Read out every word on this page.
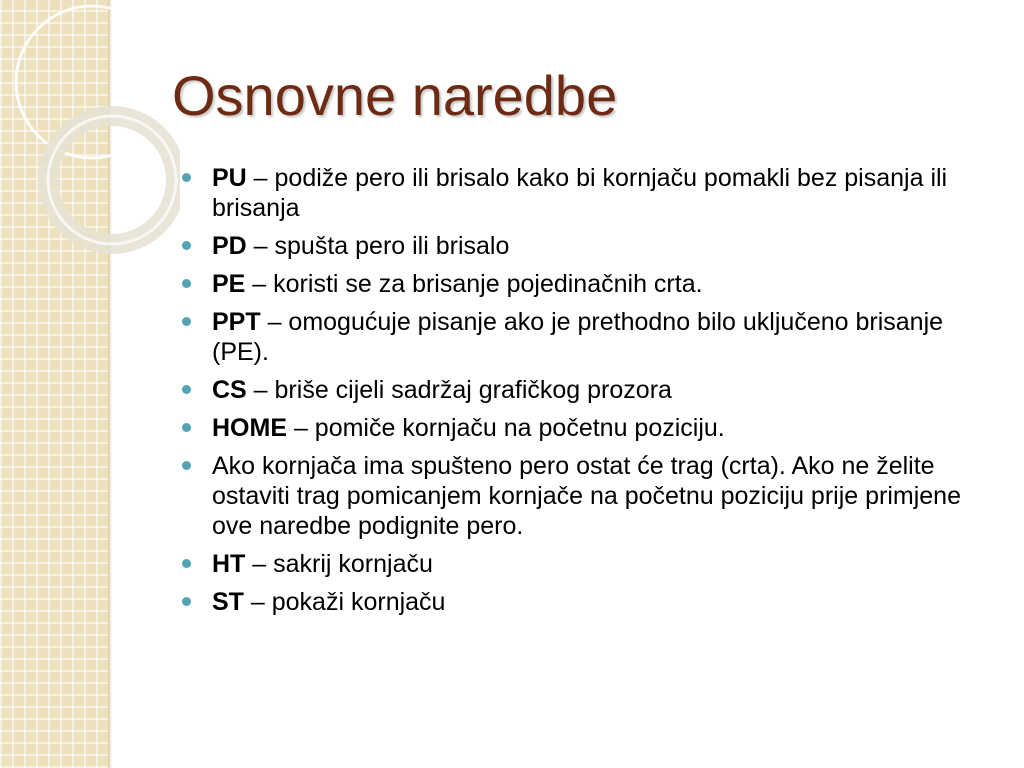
Osnovne naredbe
PU – podiže pero ili brisalo kako bi kornjaču pomakli bez pisanja ili brisanja
PD – spušta pero ili brisalo
PE – koristi se za brisanje pojedinačnih crta.
PPT – omogućuje pisanje ako je prethodno bilo uključeno brisanje (PE).
CS – briše cijeli sadržaj grafičkog prozora
HOME – pomiče kornjaču na početnu poziciju.
Ako kornjača ima spušteno pero ostat će trag (crta). Ako ne želite ostaviti trag pomicanjem kornjače na početnu poziciju prije primjene ove naredbe podignite pero.
HT – sakrij kornjaču
ST – pokaži kornjaču
